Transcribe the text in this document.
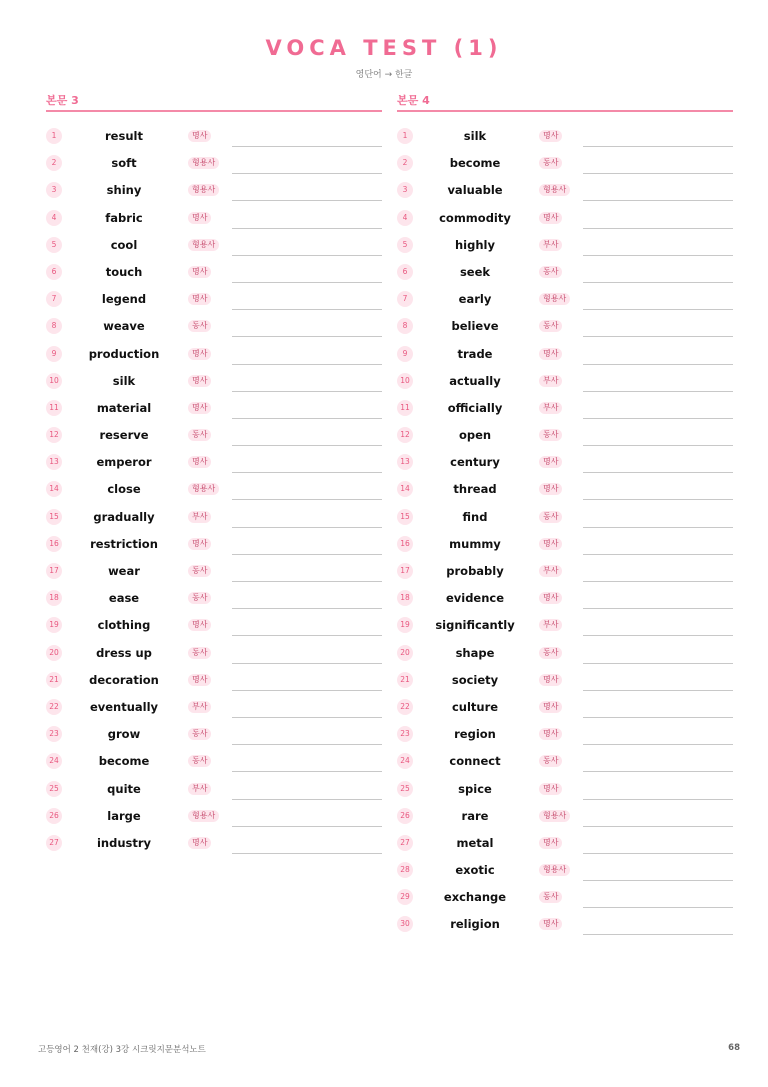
VOCA TEST (1)
영단어 → 한글
본문 3
1	result	명사
2	soft	형용사
3	shiny	형용사
4	fabric	명사
5	cool	형용사
6	touch	명사
7	legend	명사
8	weave	동사
9	production	명사
10	silk	명사
11	material	명사
12	reserve	동사
13	emperor	명사
14	close	형용사
15	gradually	부사
16	restriction	명사
17	wear	동사
18	ease	동사
19	clothing	명사
20	dress up	동사
21	decoration	명사
22	eventually	부사
23	grow	동사
24	become	동사
25	quite	부사
26	large	형용사
27	industry	명사
본문 4
1	silk	명사
2	become	동사
3	valuable	형용사
4	commodity	명사
5	highly	부사
6	seek	동사
7	early	형용사
8	believe	동사
9	trade	명사
10	actually	부사
11	officially	부사
12	open	동사
13	century	명사
14	thread	명사
15	find	동사
16	mummy	명사
17	probably	부사
18	evidence	명사
19	significantly	부사
20	shape	동사
21	society	명사
22	culture	명사
23	region	명사
24	connect	동사
25	spice	명사
26	rare	형용사
27	metal	명사
28	exotic	형용사
29	exchange	동사
30	religion	명사
고등영어 2 천재(강) 3강 시크릿지문분석노트	68
